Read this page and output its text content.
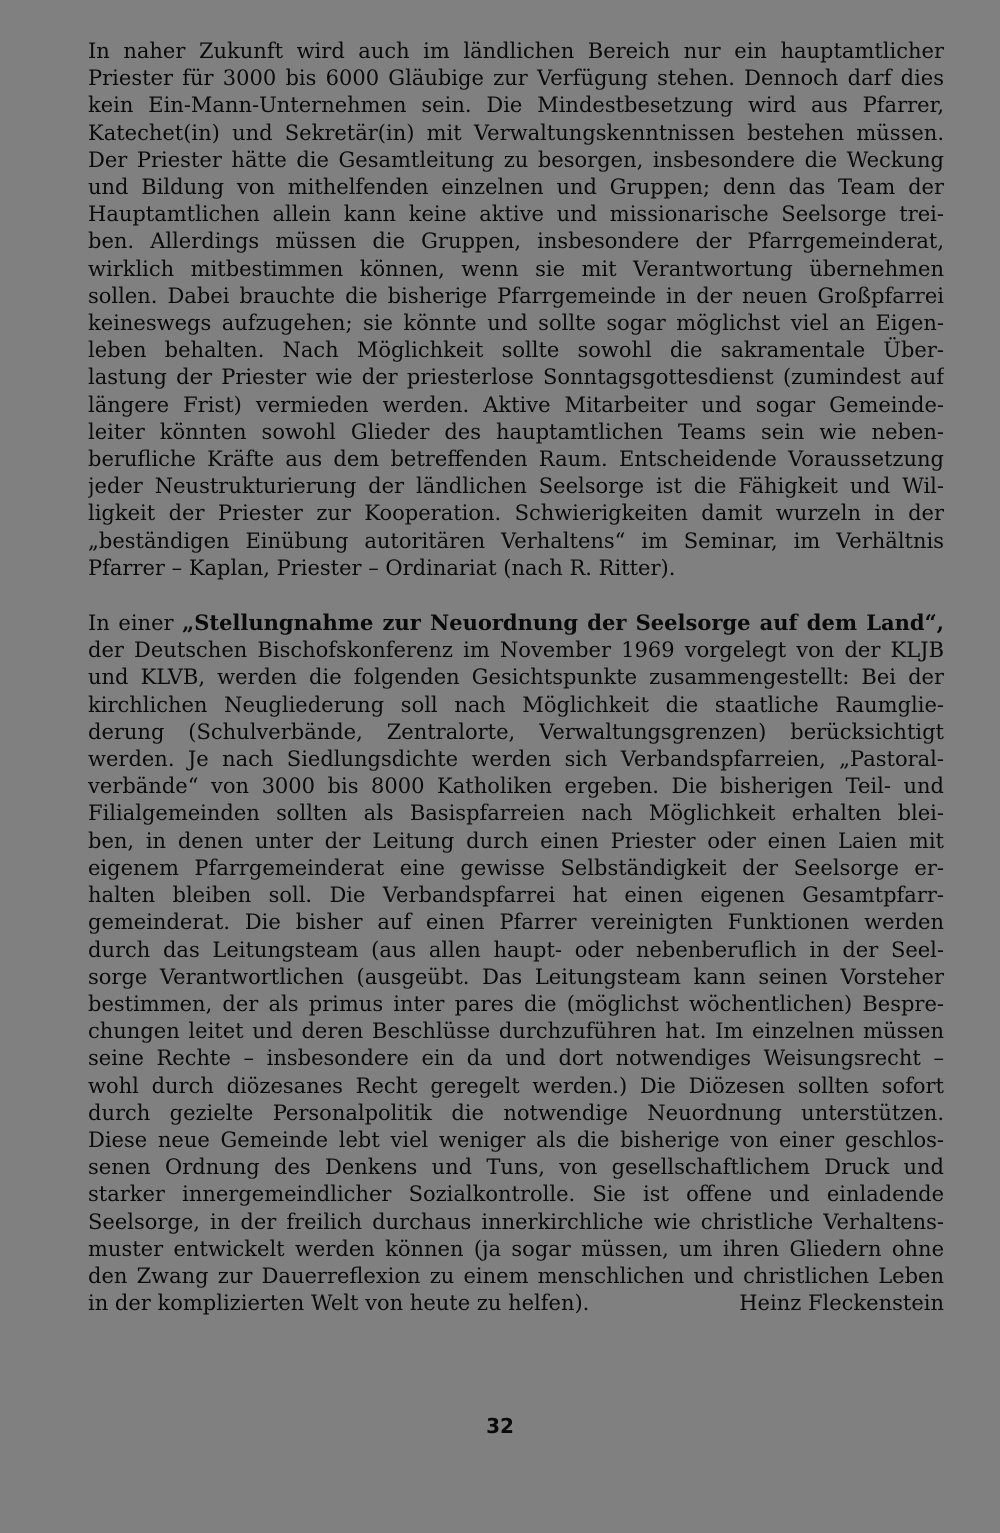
In naher Zukunft wird auch im ländlichen Bereich nur ein hauptamtlicher
Priester für 3000 bis 6000 Gläubige zur Verfügung stehen. Dennoch darf dies
kein Ein-Mann-Unternehmen sein. Die Mindestbesetzung wird aus Pfarrer,
Katechet(in) und Sekretär(in) mit Verwaltungskenntnissen bestehen müssen.
Der Priester hätte die Gesamtleitung zu besorgen, insbesondere die Weckung
und Bildung von mithelfenden einzelnen und Gruppen; denn das Team der
Hauptamtlichen allein kann keine aktive und missionarische Seelsorge trei-
ben. Allerdings müssen die Gruppen, insbesondere der Pfarrgemeinderat,
wirklich mitbestimmen können, wenn sie mit Verantwortung übernehmen
sollen. Dabei brauchte die bisherige Pfarrgemeinde in der neuen Großpfarrei
keineswegs aufzugehen; sie könnte und sollte sogar möglichst viel an Eigen-
leben behalten. Nach Möglichkeit sollte sowohl die sakramentale Über-
lastung der Priester wie der priesterlose Sonntagsgottesdienst (zumindest auf
längere Frist) vermieden werden. Aktive Mitarbeiter und sogar Gemeinde-
leiter könnten sowohl Glieder des hauptamtlichen Teams sein wie neben-
berufliche Kräfte aus dem betreffenden Raum. Entscheidende Voraussetzung
jeder Neustrukturierung der ländlichen Seelsorge ist die Fähigkeit und Wil-
ligkeit der Priester zur Kooperation. Schwierigkeiten damit wurzeln in der
„beständigen Einübung autoritären Verhaltens“ im Seminar, im Verhältnis
Pfarrer – Kaplan, Priester – Ordinariat (nach R. Ritter).

In einer „Stellungnahme zur Neuordnung der Seelsorge auf dem Land“,
der Deutschen Bischofskonferenz im November 1969 vorgelegt von der KLJB
und KLVB, werden die folgenden Gesichtspunkte zusammengestellt: Bei der
kirchlichen Neugliederung soll nach Möglichkeit die staatliche Raumglie-
derung (Schulverbände, Zentralorte, Verwaltungsgrenzen) berücksichtigt
werden. Je nach Siedlungsdichte werden sich Verbandspfarreien, „Pastoral-
verbände“ von 3000 bis 8000 Katholiken ergeben. Die bisherigen Teil- und
Filialgemeinden sollten als Basispfarreien nach Möglichkeit erhalten blei-
ben, in denen unter der Leitung durch einen Priester oder einen Laien mit
eigenem Pfarrgemeinderat eine gewisse Selbständigkeit der Seelsorge er-
halten bleiben soll. Die Verbandspfarrei hat einen eigenen Gesamtpfarr-
gemeinderat. Die bisher auf einen Pfarrer vereinigten Funktionen werden
durch das Leitungsteam (aus allen haupt- oder nebenberuflich in der Seel-
sorge Verantwortlichen (ausgeübt. Das Leitungsteam kann seinen Vorsteher
bestimmen, der als primus inter pares die (möglichst wöchentlichen) Bespre-
chungen leitet und deren Beschlüsse durchzuführen hat. Im einzelnen müssen
seine Rechte – insbesondere ein da und dort notwendiges Weisungsrecht –
wohl durch diözesanes Recht geregelt werden.) Die Diözesen sollten sofort
durch gezielte Personalpolitik die notwendige Neuordnung unterstützen.
Diese neue Gemeinde lebt viel weniger als die bisherige von einer geschlos-
senen Ordnung des Denkens und Tuns, von gesellschaftlichem Druck und
starker innergemeindlicher Sozialkontrolle. Sie ist offene und einladende
Seelsorge, in der freilich durchaus innerkirchliche wie christliche Verhaltens-
muster entwickelt werden können (ja sogar müssen, um ihren Gliedern ohne
den Zwang zur Dauerreflexion zu einem menschlichen und christlichen Leben
in der komplizierten Welt von heute zu helfen).	Heinz Fleckenstein

32
